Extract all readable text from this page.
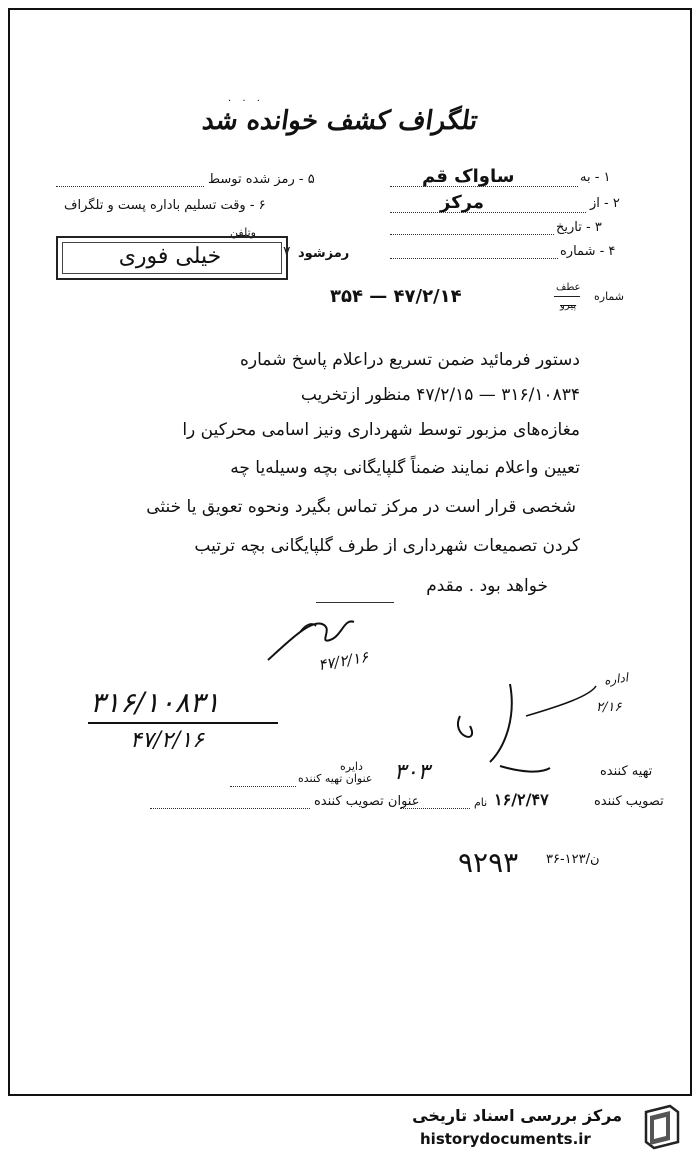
· · ·
تلگراف کشف خوانده شد
۱ - به
ساواک قم
۲ - از
مرکز
۳ - تاریخ
۴ - شماره
۵ - رمز شده توسط
۶ - وقت تسلیم باداره پست و تلگراف
وتلفن
رمزشود
۷
خیلی فوری
شماره
عطف
پیرو
۴۷/۲/۱۴ — ۳۵۴
دستور فرمائید ضمن تسریع دراعلام پاسخ شماره
۳۱۶/۱۰۸۳۴ — ۴۷/۲/۱۵ منظور ازتخریب
مغازه‌های مزبور توسط شهرداری ونیز اسامی محرکین را
تعیین واعلام نمایند ضمناً گلپایگانی بچه وسیله‌یا چه
شخصی قرار است در مرکز تماس بگیرد ونحوه تعویق یا خنثی
کردن تصمیعات شهرداری از طرف گلپایگانی بچه ترتیب
خواهد بود . مقدم
۴۷/۲/۱۶
۳۱۶/۱۰۸۳۱
۴۷/۲/۱۶
اداره
۲/۱۶
دایره
عنوان تهیه کننده	تهیه کننده
۳۰۳
تصویب کننده
۱۶/۲/۴۷
نام
عنوان تصویب کننده
۹۲۹۳ ن/۱۲۳-۳۶
مرکز بررسی اسناد تاریخی
historydocuments.ir
